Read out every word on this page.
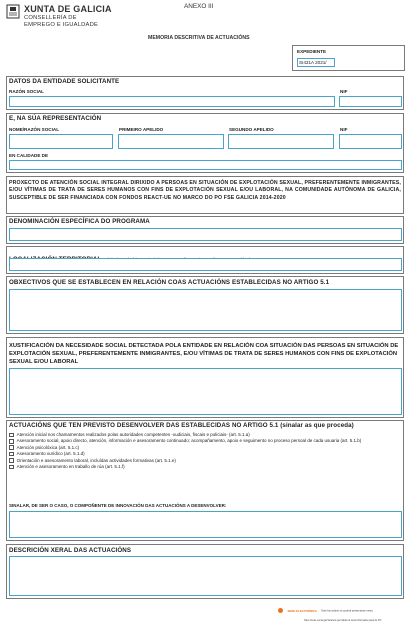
XUNTA DE GALICIA
CONSELLERÍA DE
EMPREGO E IGUALDADE
ANEXO III
MEMORIA DESCRITIVA DE ACTUACIÓNS
EXPEDIENTE
SI431A 2021/
DATOS DA ENTIDADE SOLICITANTE
RAZÓN SOCIAL	NIF
E, NA SÚA REPRESENTACIÓN
NOME/RAZÓN SOCIAL	PRIMEIRO APELIDO	SEGUNDO APELIDO	NIF
EN CALIDADE DE
PROXECTO DE ATENCIÓN SOCIAL INTEGRAL DIRIXIDO A PERSOAS EN SITUACIÓN DE EXPLOTACIÓN SEXUAL, PREFERENTEMENTE INMIGRANTES, E/OU VÍTIMAS DE TRATA DE SERES HUMANOS CON FINS DE EXPLOTACIÓN SEXUAL E/OU LABORAL, NA COMUNIDADE AUTÓNOMA DE GALICIA, SUSCEPTIBLE DE SER FINANCIADA CON FONDOS REACT-UE NO MARCO DO PO FSE GALICIA 2014-2020
DENOMINACIÓN ESPECÍFICA DO PROGRAMA
OBXECTIVOS QUE SE ESTABLECEN EN RELACIÓN COAS ACTUACIÓNS ESTABLECIDAS NO ARTIGO 5.1
XUSTIFICACIÓN DA NECESIDADE SOCIAL DETECTADA POLA ENTIDADE EN RELACIÓN COA SITUACIÓN DAS PERSOAS EN SITUACIÓN DE EXPLOTACIÓN SEXUAL, PREFERENTEMENTE INMIGRANTES, E/OU VÍTIMAS DE TRATA DE SERES HUMANOS CON FINS DE EXPLOTACIÓN SEXUAL E/OU LABORAL
ACTUACIÓNS QUE TEN PREVISTO DESENVOLVER DAS ESTABLECIDAS NO ARTIGO 5.1 (sinalar as que proceda)
Atención inicial nos chamamentos realizados polas autoridades competentes -xudiciais, fiscais e policiais- (art. 5.1.a)
Asesoramento social, apoio directo, atención, información e asesoramento continuado; acompañamento, apoio e seguimento no proceso persoal de cada usuaria (art. 5.1.b)
Atención psicolóxica (art. 5.1.c)
Asesoramento xurídico (art. 5.1.d)
Orientación e asesoramento laboral, incluídas actividades formativas (art. 5.1.e)
Atención e asesoramento en traballo de rúa (art. 5.1.f)
SINALAR, DE SER O CASO, O COMPOÑENTE DE INNOVACIÓN DAS ACTUACIÓNS A DESENVOLVER:
DESCRICIÓN XERAL DAS ACTUACIÓNS
SEDE ELECTRÓNICA Este formulario só poderá presentarse nesta
https://sede.xunta.gal Sinatura permitida na Guía Informativa para do PO
